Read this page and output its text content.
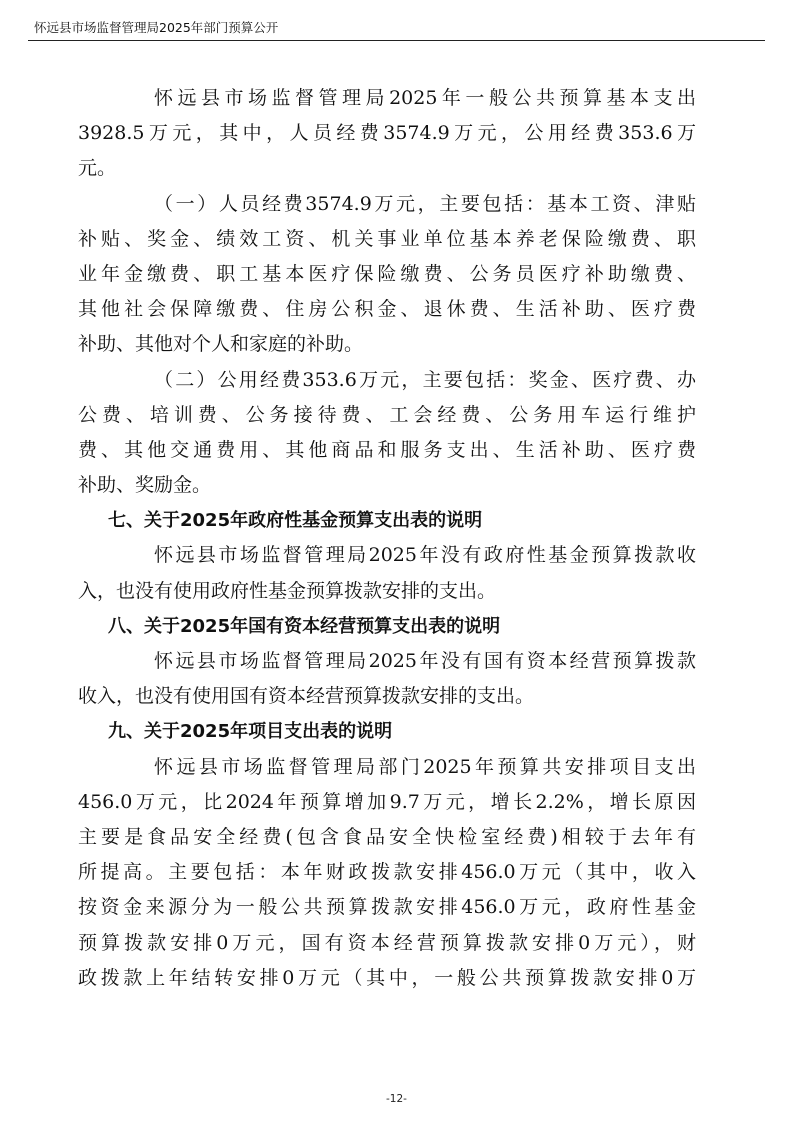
怀远县市场监督管理局2025年部门预算公开
怀远县市场监督管理局2025年一般公共预算基本支出
3928.5万元，其中，人员经费3574.9万元，公用经费353.6万
元。
（一）人员经费3574.9万元，主要包括：基本工资、津贴
补贴、奖金、绩效工资、机关事业单位基本养老保险缴费、职
业年金缴费、职工基本医疗保险缴费、公务员医疗补助缴费、
其他社会保障缴费、住房公积金、退休费、生活补助、医疗费
补助、其他对个人和家庭的补助。
（二）公用经费353.6万元，主要包括：奖金、医疗费、办
公费、培训费、公务接待费、工会经费、公务用车运行维护
费、其他交通费用、其他商品和服务支出、生活补助、医疗费
补助、奖励金。
七、关于2025年政府性基金预算支出表的说明
怀远县市场监督管理局2025年没有政府性基金预算拨款收
入，也没有使用政府性基金预算拨款安排的支出。
八、关于2025年国有资本经营预算支出表的说明
怀远县市场监督管理局2025年没有国有资本经营预算拨款
收入，也没有使用国有资本经营预算拨款安排的支出。
九、关于2025年项目支出表的说明
怀远县市场监督管理局部门2025年预算共安排项目支出
456.0万元，比2024年预算增加9.7万元，增长2.2%，增长原因
主要是食品安全经费(包含食品安全快检室经费)相较于去年有
所提高。主要包括：本年财政拨款安排456.0万元（其中，收入
按资金来源分为一般公共预算拨款安排456.0万元，政府性基金
预算拨款安排0万元，国有资本经营预算拨款安排0万元），财
政拨款上年结转安排0万元（其中，一般公共预算拨款安排0万
-12-
